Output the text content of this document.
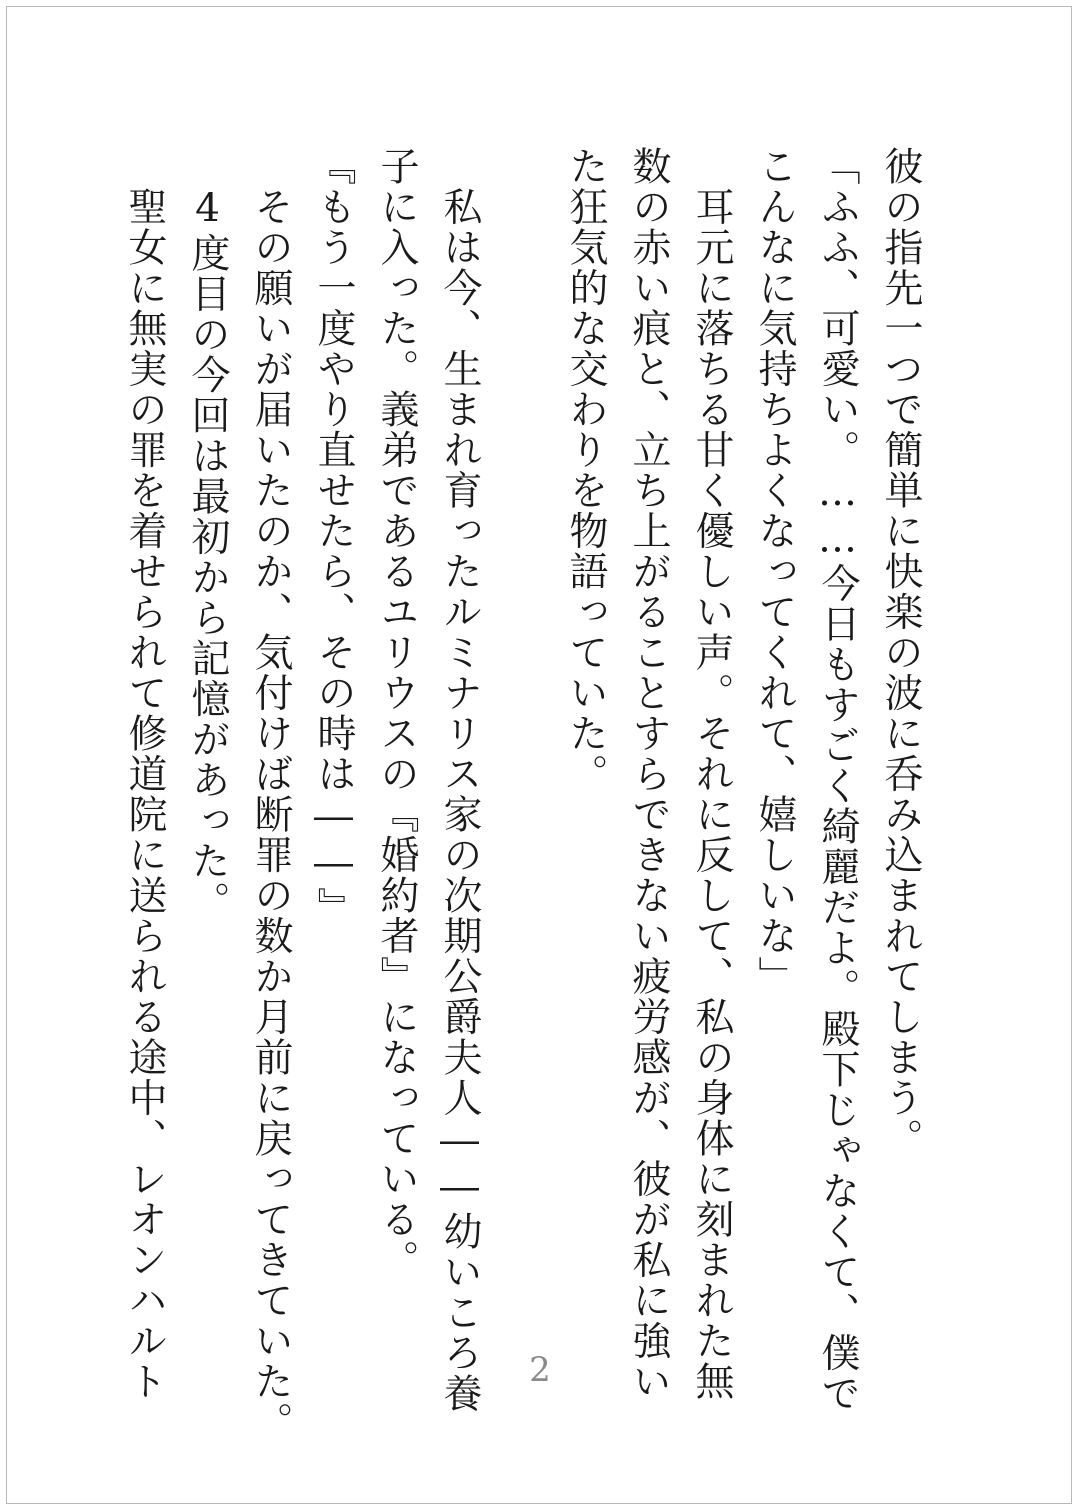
彼の指先一つで簡単に快楽の波に呑み込まれてしまう。
「ふふ、可愛い。……今日もすごく綺麗だよ。殿下じゃなくて、僕で
こんなに気持ちよくなってくれて、嬉しいな」
　耳元に落ちる甘く優しい声。それに反して、私の身体に刻まれた無
数の赤い痕と、立ち上がることすらできない疲労感が、彼が私に強い
た狂気的な交わりを物語っていた。
　私は今、生まれ育ったルミナリス家の次期公爵夫人――幼いころ養
子に入った。義弟であるユリウスの『婚約者』になっている。
『もう一度やり直せたら、その時は――』
　その願いが届いたのか、気付けば断罪の数か月前に戻ってきていた。
　4度目の今回は最初から記憶があった。
　聖女に無実の罪を着せられて修道院に送られる途中、レオンハルト	2
